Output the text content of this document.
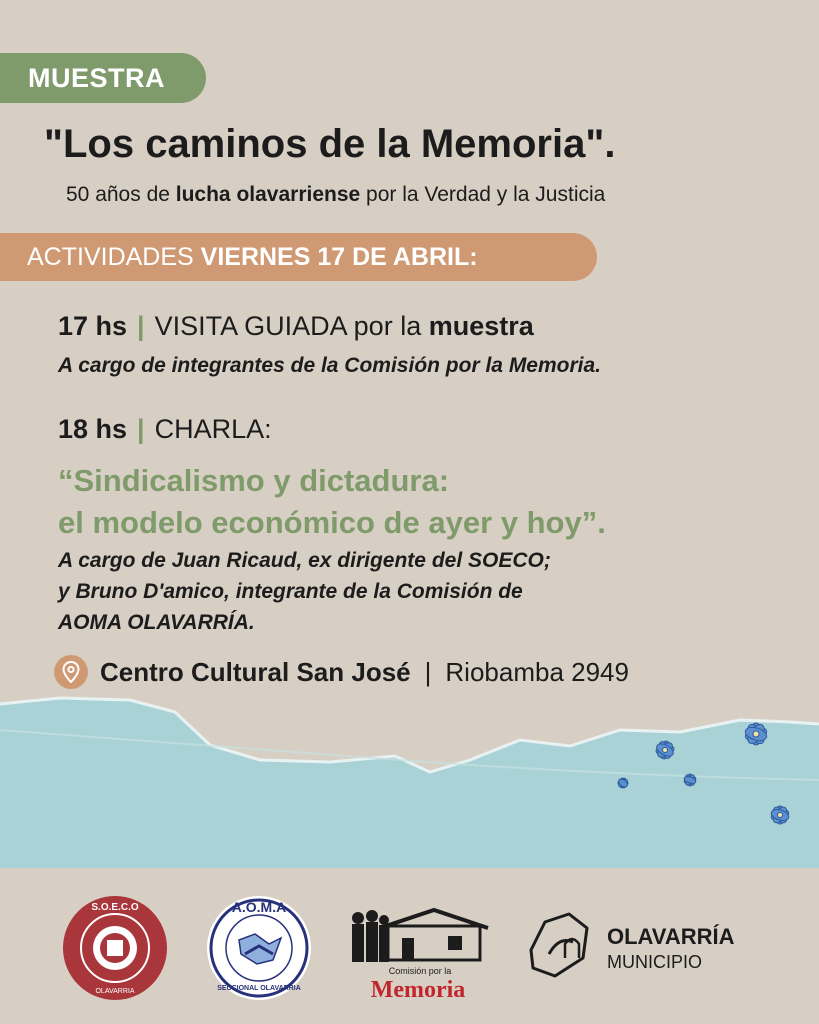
MUESTRA
"Los caminos de la Memoria".
50 años de lucha olavarriense por la Verdad y la Justicia
ACTIVIDADES VIERNES 17 DE ABRIL:
17 hs | VISITA GUIADA por la muestra
A cargo de integrantes de la Comisión por la Memoria.
18 hs | CHARLA:
“Sindicalismo y dictadura:
el modelo económico de ayer y hoy”.
A cargo de Juan Ricaud, ex dirigente del SOECO;
y Bruno D'amico, integrante de la Comisión de
AOMA OLAVARRÍA.
Centro Cultural San José | Riobamba 2949
S.O.E.C.O
OLAVARRIA
A.O.M.A
SECCIONAL OLAVARRIA
Comisión por la
Memoria
OLAVARRÍA
MUNICIPIO
